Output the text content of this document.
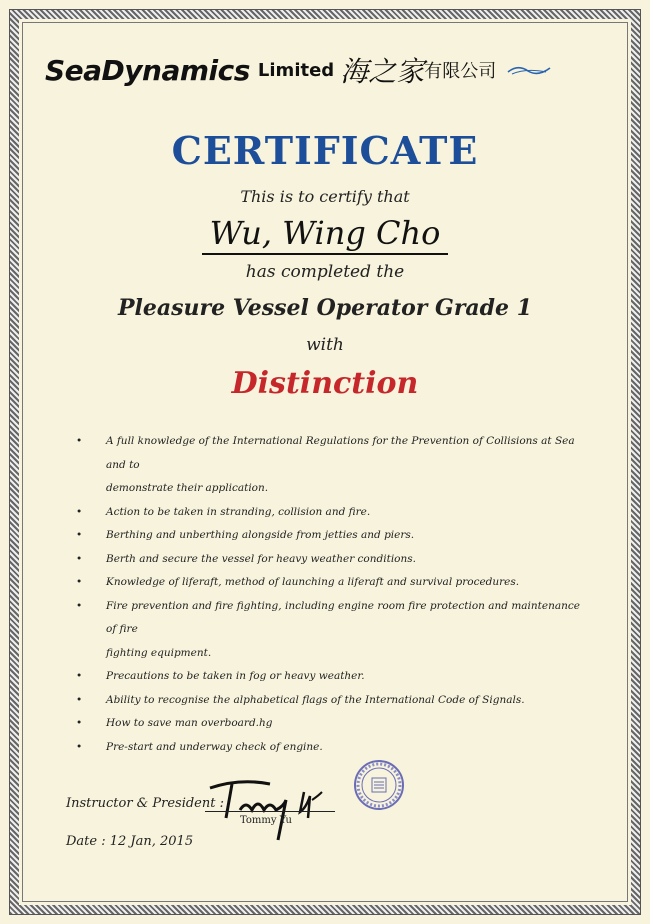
SeaDynamics Limited 海之家 有限公司
CERTIFICATE
This is to certify that
Wu, Wing Cho
has completed the
Pleasure Vessel Operator Grade 1
with
Distinction
• A full knowledge of the International Regulations for the Prevention of Collisions at Sea and to
demonstrate their application.
• Action to be taken in stranding, collision and fire.
• Berthing and unberthing alongside from jetties and piers.
• Berth and secure the vessel for heavy weather conditions.
• Knowledge of liferaft, method of launching a liferaft and survival procedures.
• Fire prevention and fire fighting, including engine room fire protection and maintenance of fire
fighting equipment.
• Precautions to be taken in fog or heavy weather.
• Ability to recognise the alphabetical flags of the International Code of Signals.
• How to save man overboard.hg
• Pre-start and underway check of engine.
Instructor & President :
Tommy Yu
Date : 12 Jan, 2015
